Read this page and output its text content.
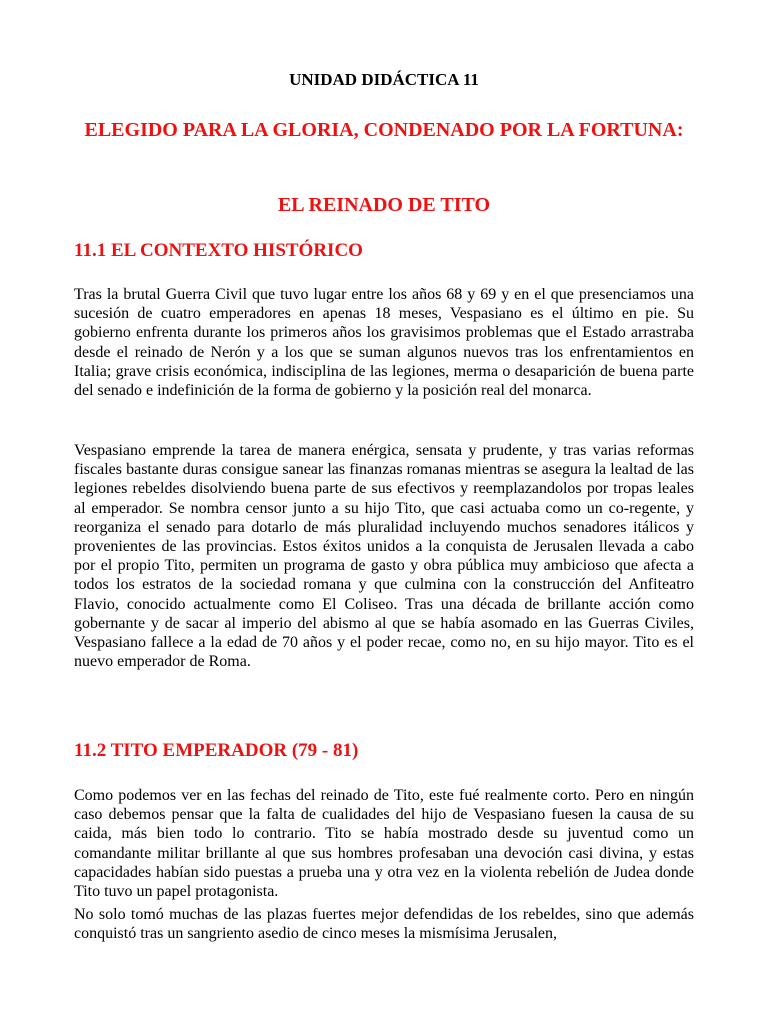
UNIDAD DIDÁCTICA 11
ELEGIDO PARA LA GLORIA, CONDENADO POR LA FORTUNA:
EL REINADO DE TITO
11.1 EL CONTEXTO HISTÓRICO

Tras la brutal Guerra Civil que tuvo lugar entre los años 68 y 69 y en el que presenciamos una sucesión de cuatro emperadores en apenas 18 meses, Vespasiano es el último en pie. Su gobierno enfrenta durante los primeros años los gravisimos problemas que el Estado arrastraba desde el reinado de Nerón y a los que se suman algunos nuevos tras los enfrentamientos en Italia; grave crisis económica, indisciplina de las legiones, merma o desaparición de buena parte del senado e indefinición de la forma de gobierno y la posición real del monarca.

Vespasiano emprende la tarea de manera enérgica, sensata y prudente, y tras varias reformas fiscales bastante duras consigue sanear las finanzas romanas mientras se asegura la lealtad de las legiones rebeldes disolviendo buena parte de sus efectivos y reemplazandolos por tropas leales al emperador. Se nombra censor junto a su hijo Tito, que casi actuaba como un co-regente, y reorganiza el senado para dotarlo de más pluralidad incluyendo muchos senadores itálicos y provenientes de las provincias. Estos éxitos unidos a la conquista de Jerusalen llevada a cabo por el propio Tito, permiten un programa de gasto y obra pública muy ambicioso que afecta a todos los estratos de la sociedad romana y que culmina con la construcción del Anfiteatro Flavio, conocido actualmente como El Coliseo. Tras una década de brillante acción como gobernante y de sacar al imperio del abismo al que se había asomado en las Guerras Civiles, Vespasiano fallece a la edad de 70 años y el poder recae, como no, en su hijo mayor. Tito es el nuevo emperador de Roma.

11.2 TITO EMPERADOR (79 - 81)

Como podemos ver en las fechas del reinado de Tito, este fué realmente corto. Pero en ningún caso debemos pensar que la falta de cualidades del hijo de Vespasiano fuesen la causa de su caida, más bien todo lo contrario. Tito se había mostrado desde su juventud como un comandante militar brillante al que sus hombres profesaban una devoción casi divina, y estas capacidades habían sido puestas a prueba una y otra vez en la violenta rebelión de Judea donde Tito tuvo un papel protagonista.

No solo tomó muchas de las plazas fuertes mejor defendidas de los rebeldes, sino que además conquistó tras un sangriento asedio de cinco meses la mismísima Jerusalen,
